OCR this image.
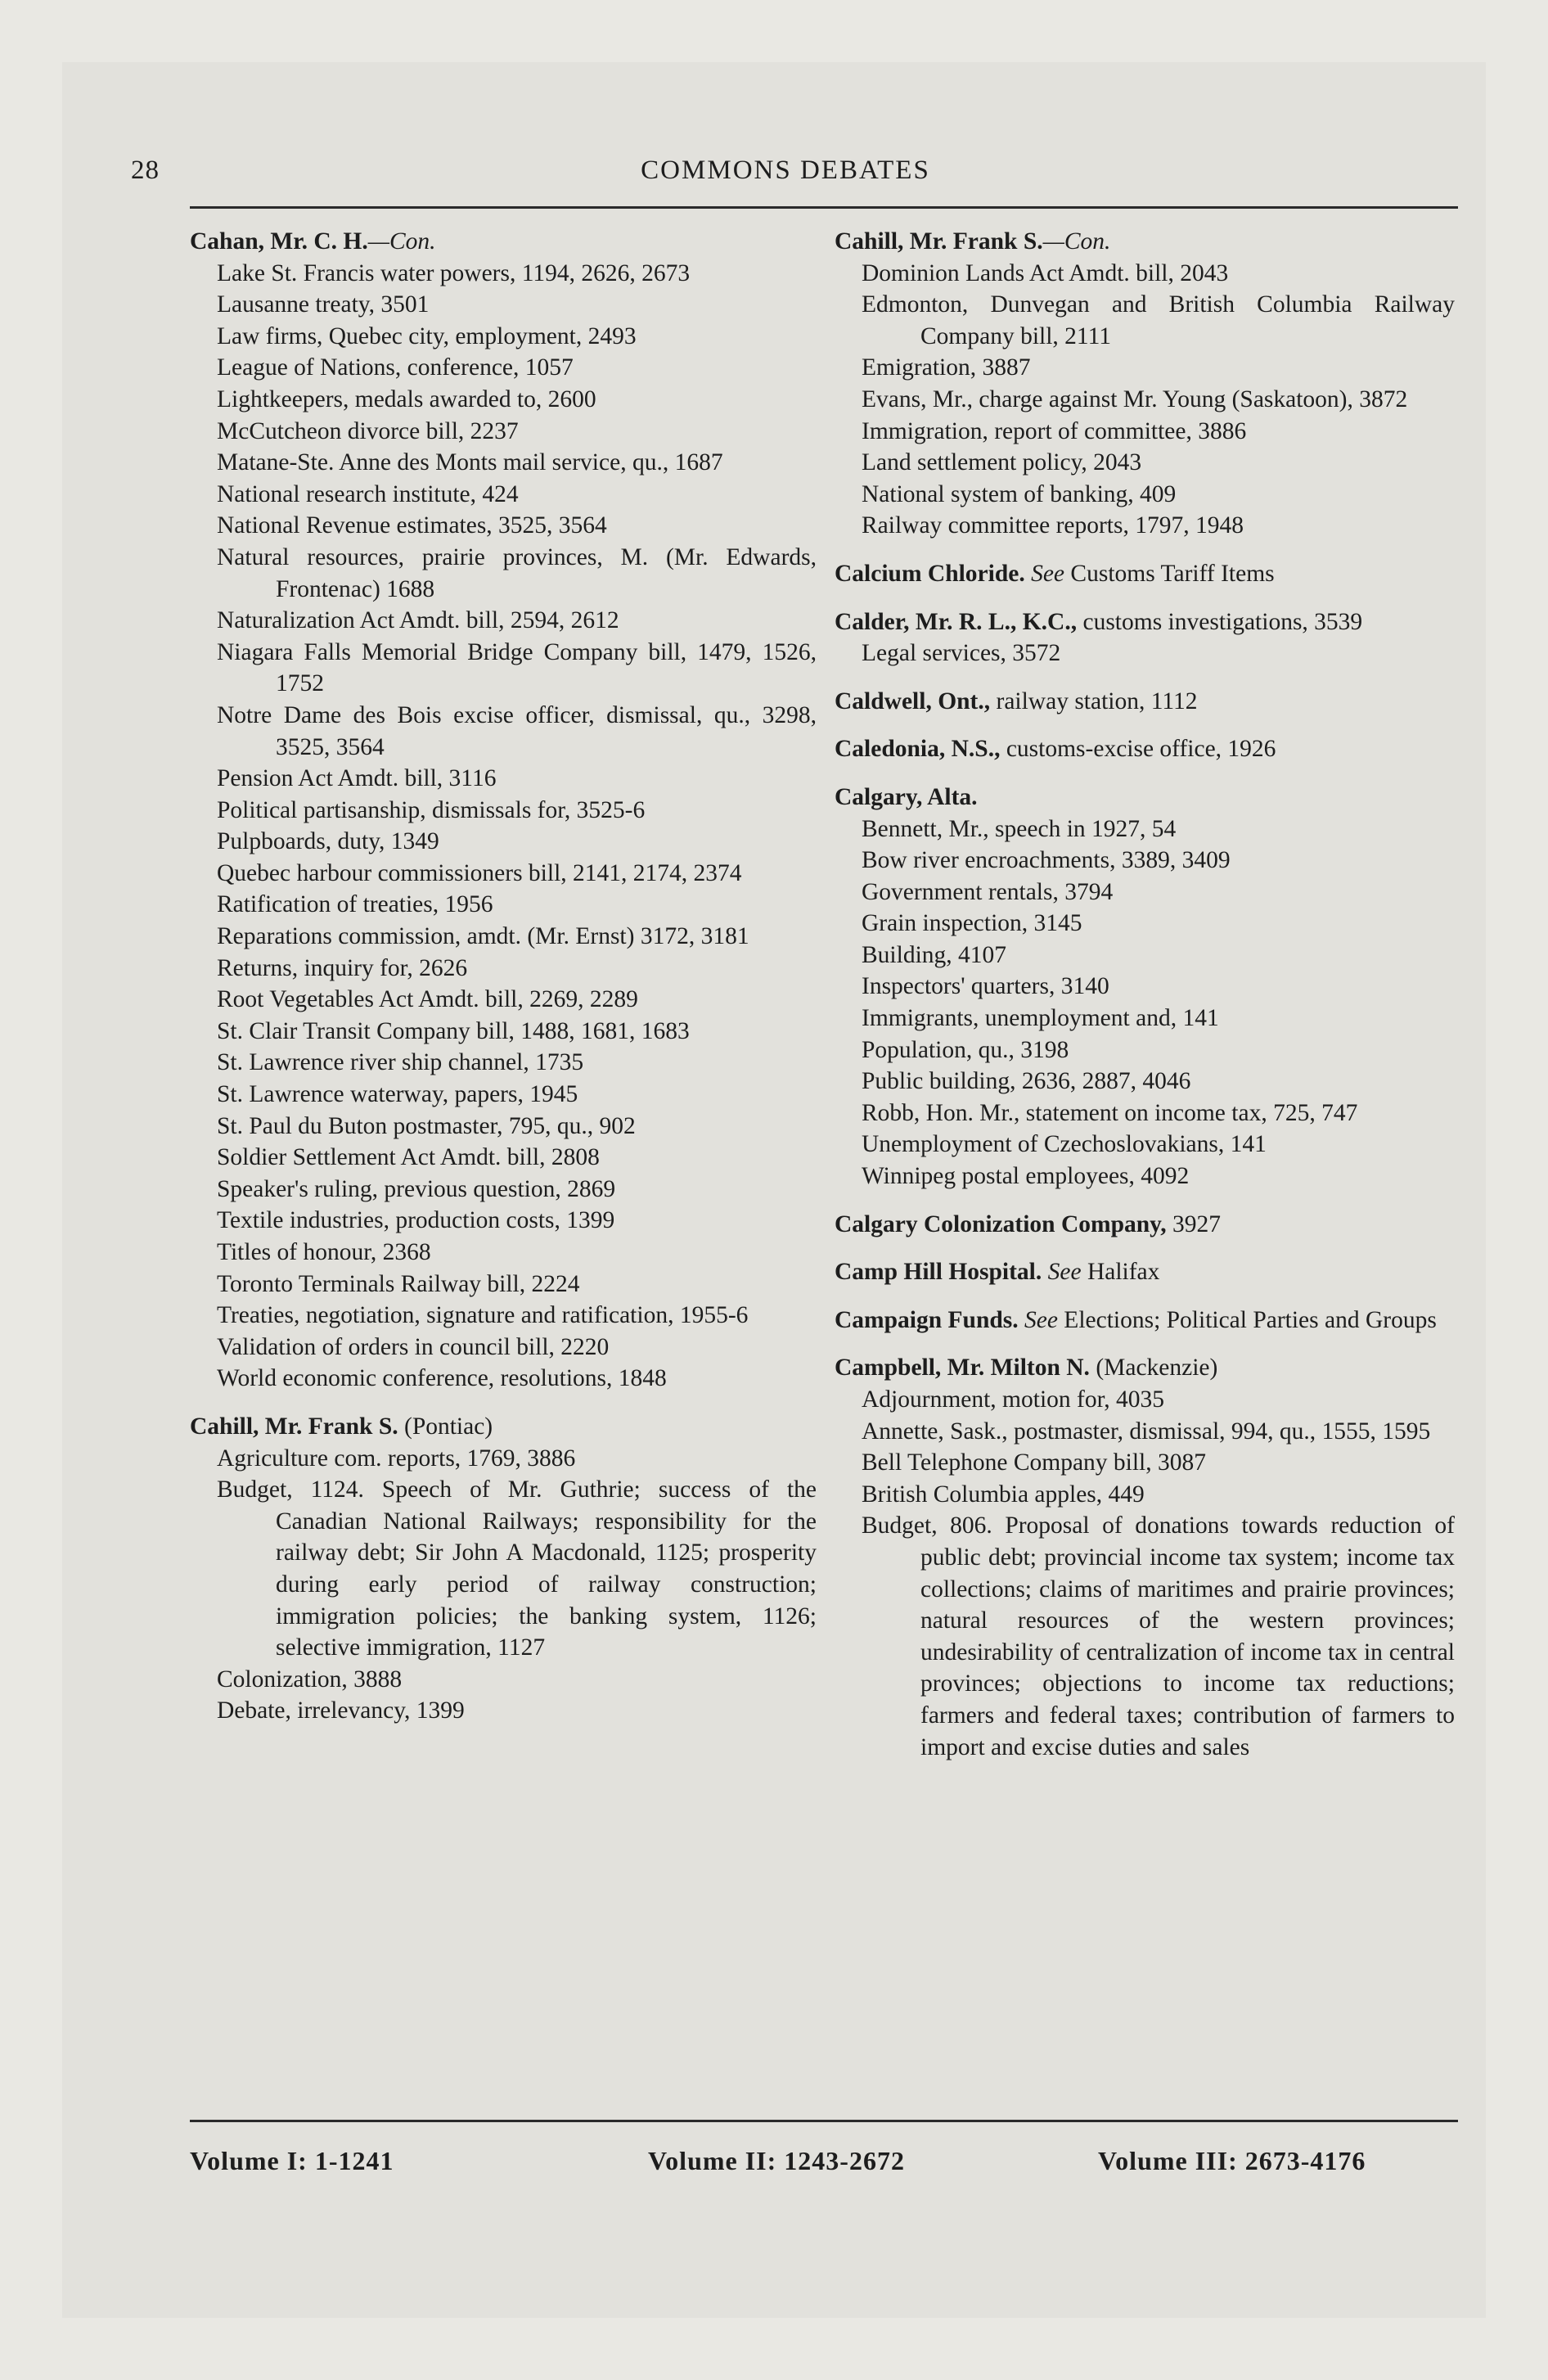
28	COMMONS DEBATES
Cahan, Mr. C. H.—Con.
Lake St. Francis water powers, 1194, 2626, 2673
Lausanne treaty, 3501
Law firms, Quebec city, employment, 2493
League of Nations, conference, 1057
Lightkeepers, medals awarded to, 2600
McCutcheon divorce bill, 2237
Matane-Ste. Anne des Monts mail service, qu., 1687
National research institute, 424
National Revenue estimates, 3525, 3564
Natural resources, prairie provinces, M. (Mr. Edwards, Frontenac) 1688
Naturalization Act Amdt. bill, 2594, 2612
Niagara Falls Memorial Bridge Company bill, 1479, 1526, 1752
Notre Dame des Bois excise officer, dismissal, qu., 3298, 3525, 3564
Pension Act Amdt. bill, 3116
Political partisanship, dismissals for, 3525-6
Pulpboards, duty, 1349
Quebec harbour commissioners bill, 2141, 2174, 2374
Ratification of treaties, 1956
Reparations commission, amdt. (Mr. Ernst) 3172, 3181
Returns, inquiry for, 2626
Root Vegetables Act Amdt. bill, 2269, 2289
St. Clair Transit Company bill, 1488, 1681, 1683
St. Lawrence river ship channel, 1735
St. Lawrence waterway, papers, 1945
St. Paul du Buton postmaster, 795, qu., 902
Soldier Settlement Act Amdt. bill, 2808
Speaker's ruling, previous question, 2869
Textile industries, production costs, 1399
Titles of honour, 2368
Toronto Terminals Railway bill, 2224
Treaties, negotiation, signature and ratification, 1955-6
Validation of orders in council bill, 2220
World economic conference, resolutions, 1848
Cahill, Mr. Frank S. (Pontiac)
Agriculture com. reports, 1769, 3886
Budget, 1124. Speech of Mr. Guthrie; success of the Canadian National Railways; responsibility for the railway debt; Sir John A Macdonald, 1125; prosperity during early period of railway construction; immigration policies; the banking system, 1126; selective immigration, 1127
Colonization, 3888
Debate, irrelevancy, 1399
Cahill, Mr. Frank S.—Con.
Dominion Lands Act Amdt. bill, 2043
Edmonton, Dunvegan and British Columbia Railway Company bill, 2111
Emigration, 3887
Evans, Mr., charge against Mr. Young (Saskatoon), 3872
Immigration, report of committee, 3886
Land settlement policy, 2043
National system of banking, 409
Railway committee reports, 1797, 1948
Calcium Chloride. See Customs Tariff Items
Calder, Mr. R. L., K.C., customs investigations, 3539
Legal services, 3572
Caldwell, Ont., railway station, 1112
Caledonia, N.S., customs-excise office, 1926
Calgary, Alta.
Bennett, Mr., speech in 1927, 54
Bow river encroachments, 3389, 3409
Government rentals, 3794
Grain inspection, 3145
Building, 4107
Inspectors' quarters, 3140
Immigrants, unemployment and, 141
Population, qu., 3198
Public building, 2636, 2887, 4046
Robb, Hon. Mr., statement on income tax, 725, 747
Unemployment of Czechoslovakians, 141
Winnipeg postal employees, 4092
Calgary Colonization Company, 3927
Camp Hill Hospital. See Halifax
Campaign Funds. See Elections; Political Parties and Groups
Campbell, Mr. Milton N. (Mackenzie)
Adjournment, motion for, 4035
Annette, Sask., postmaster, dismissal, 994, qu., 1555, 1595
Bell Telephone Company bill, 3087
British Columbia apples, 449
Budget, 806. Proposal of donations towards reduction of public debt; provincial income tax system; income tax collections; claims of maritimes and prairie provinces; natural resources of the western provinces; undesirability of centralization of income tax in central provinces; objections to income tax reductions; farmers and federal taxes; contribution of farmers to import and excise duties and sales
Volume I: 1-1241	Volume II: 1243-2672	Volume III: 2673-4176
